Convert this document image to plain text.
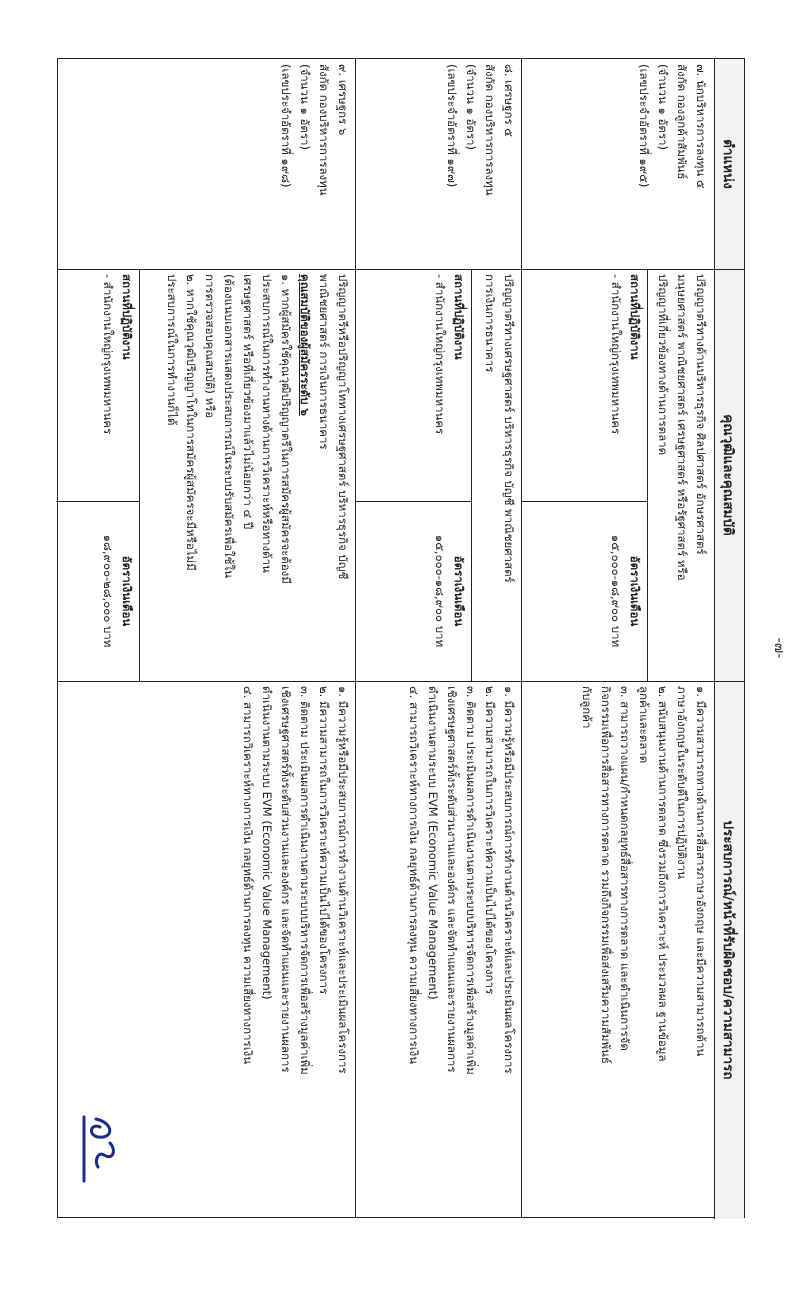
-๗-
ตำแหน่ง
คุณวุฒิและคุณสมบัติ
ประสบการณ์/หน้าที่รับผิดชอบ/ความสามารถ
๗. นักบริหารการลงทุน ๕
สังกัด กองลูกค้าสัมพันธ์
(จำนวน ๑ อัตรา)
(เลขประจำอัตราที่ ๑๙๕)
ปริญญาตรีทางด้านบริหารธุรกิจ ศิลปศาสตร์ อักษรศาสตร์
มนุษยศาสตร์ พาณิชยศาสตร์ เศรษฐศาสตร์ หรือรัฐศาสตร์ หรือ
ปริญญาที่เกี่ยวข้องทางด้านการตลาด
สถานที่ปฏิบัติงาน
- สำนักงานใหญ่กรุงเทพมหานคร
อัตราเงินเดือน
๑๕,๐๐๐-๑๘,๙๐๐ บาท
๑. มีความสามารถทางด้านการสื่อสารภาษาอังกฤษ และมีความสามารถด้าน
ภาษาอังกฤษในระดับดีในการปฏิบัติงาน
๒. สนับสนุนงานด้านการตลาด ซึ่งรวมถึงการวิเคราะห์ ประมวลผล ฐานข้อมูล
ลูกค้าและตลาด
๓. สามารถวางแผน/กำหนดกลยุทธ์สื่อสารทางการตลาด และดำเนินการจัด
กิจกรรมเพื่อการสื่อสารทางการตลาด รวมถึงกิจกรรมเพื่อส่งเสริมความสัมพันธ์
กับลูกค้า
๘. เศรษฐกร ๕
สังกัด กองบริหารการลงทุน
(จำนวน ๑ อัตรา)
(เลขประจำอัตราที่ ๑๙๗)
ปริญญาตรีทางเศรษฐศาสตร์ บริหารธุรกิจ บัญชี พาณิชยศาสตร์
การเงินการธนาคาร
สถานที่ปฏิบัติงาน
- สำนักงานใหญ่กรุงเทพมหานคร
อัตราเงินเดือน
๑๕,๐๐๐-๑๘,๙๐๐ บาท
๑. มีความรู้หรือมีประสบการณ์การทำงานด้านวิเคราะห์และประเมินผลโครงการ
๒. มีความสามารถในการวิเคราะห์ความเป็นไปได้ของโครงการ
๓. ติดตาม ประเมินผลการดำเนินงานตามระบบบริหารจัดการเพื่อสร้างมูลค่าเพิ่ม
เชิงเศรษฐศาสตร์ทั้งระดับส่วนงานและองค์กร และจัดทำแผนและรายงานผลการ
ดำเนินงานตามระบบ EVM (Economic Value Management)
๔. สามารถวิเคราะห์ทางการเงิน กลยุทธ์ด้านการลงทุน ความเสี่ยงทางการเงิน
๙. เศรษฐกร ๖
สังกัด กองบริหารการลงทุน
(จำนวน ๑ อัตรา)
(เลขประจำอัตราที่ ๑๙๘)
ปริญญาตรีหรือปริญญาโททางเศรษฐศาสตร์ บริหารธุรกิจ บัญชี
พาณิชยศาสตร์ การเงินการธนาคาร
คุณสมบัติของผู้สมัครระดับ ๖
๑. หากผู้สมัครใช้คุณวุฒิปริญญาตรีในการสมัครผู้สมัครจะต้องมี
ประสบการณ์ในการทำงานทางด้านการวิเคราะห์หรือทางด้าน
เศรษฐศาสตร์ หรือที่เกี่ยวข้องมาแล้วไม่น้อยกว่า ๔ ปี
(ต้องแนบเอกสารแสดงประสบการณ์ในระบบรับสมัครเพื่อใช้ใน
การตรวจสอบคุณสมบัติ) หรือ
๒. หากใช้คุณวุฒิปริญญาโทในการสมัครผู้สมัครจะมีหรือไม่มี
ประสบการณ์ในการทำงานก็ได้
สถานที่ปฏิบัติงาน
- สำนักงานใหญ่กรุงเทพมหานคร
อัตราเงินเดือน
๑๘,๙๐๐-๒๘,๐๐๐ บาท
๑. มีความรู้หรือมีประสบการณ์การทำงานด้านวิเคราะห์และประเมินผลโครงการ
๒. มีความสามารถในการวิเคราะห์ความเป็นไปได้ของโครงการ
๓. ติดตาม ประเมินผลการดำเนินงานตามระบบบริหารจัดการเพื่อสร้างมูลค่าเพิ่ม
เชิงเศรษฐศาสตร์ทั้งระดับส่วนงานและองค์กร และจัดทำแผนและรายงานผลการ
ดำเนินงานตามระบบ EVM (Economic Value Management)
๔. สามารถวิเคราะห์ทางการเงิน กลยุทธ์ด้านการลงทุน ความเสี่ยงทางการเงิน
